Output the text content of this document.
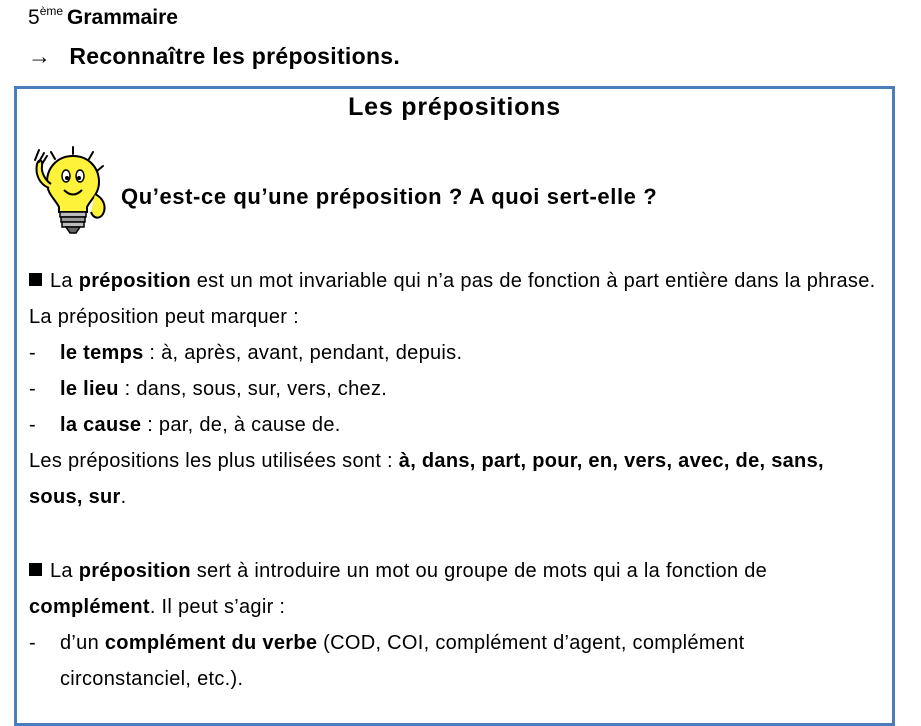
5ème Grammaire
→ Reconnaître les prépositions.
Les prépositions
Qu’est-ce qu’une préposition ? A quoi sert-elle ?

La préposition est un mot invariable qui n’a pas de fonction à part entière dans la phrase. La préposition peut marquer :

- le temps : à, après, avant, pendant, depuis.

- le lieu : dans, sous, sur, vers, chez.

- la cause : par, de, à cause de.

Les prépositions les plus utilisées sont : à, dans, part, pour, en, vers, avec, de, sans, sous, sur.

La préposition sert à introduire un mot ou groupe de mots qui a la fonction de complément. Il peut s’agir :

-	d’un complément du verbe (COD, COI, complément d’agent, complément circonstanciel, etc.).
